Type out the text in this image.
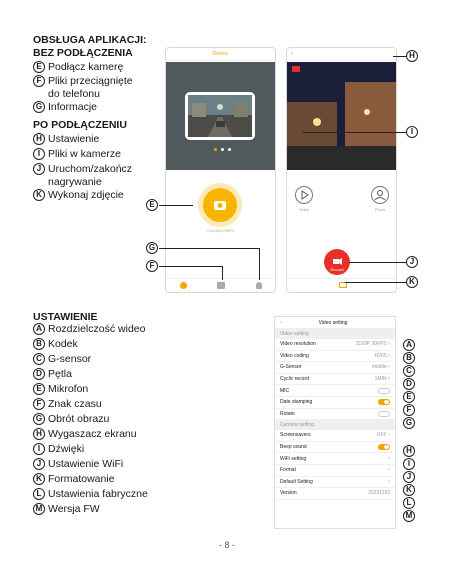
OBSŁUGA APLIKACJI:
BEZ PODŁĄCZENIA
E Podłącz kamerę
F Pliki przeciągnięte
do telefonu
G Informacje
PO PODŁĄCZENIU
H Ustawienie
I Pliki w kamerze
J Uruchom/zakończ
nagrywanie
K Wykonaj zdjęcie
Device
Connect (WiFi)
‹
Video	Photo
Record
E
G
F
H
I
J
K
USTAWIENIE
A Rozdzielczość wideo
B Kodek
C G-sensor
D Pętla
E Mikrofon
F Znak czasu
G Obrót obrazu
H Wygaszacz ekranu
I Dźwięki
J Ustawienie WiFi
K Formatowanie
L Ustawienia fabryczne
M Wersja FW
‹	Video setting
Video setting
Video resolution	2160P 30FPS ›
Video coding	H265 ›
G-Sensor	middle ›
Cyclic record	1MIN ›
MIC
Date stamping
Rotate
Camera setting
Screensavers	OFF ›
Beep sound
WiFi setting	›
Format	›
Default Setting	›
Version	20221103
A
B
C
D
E
F
G
H
I
J
K
L
M
- 8 -
